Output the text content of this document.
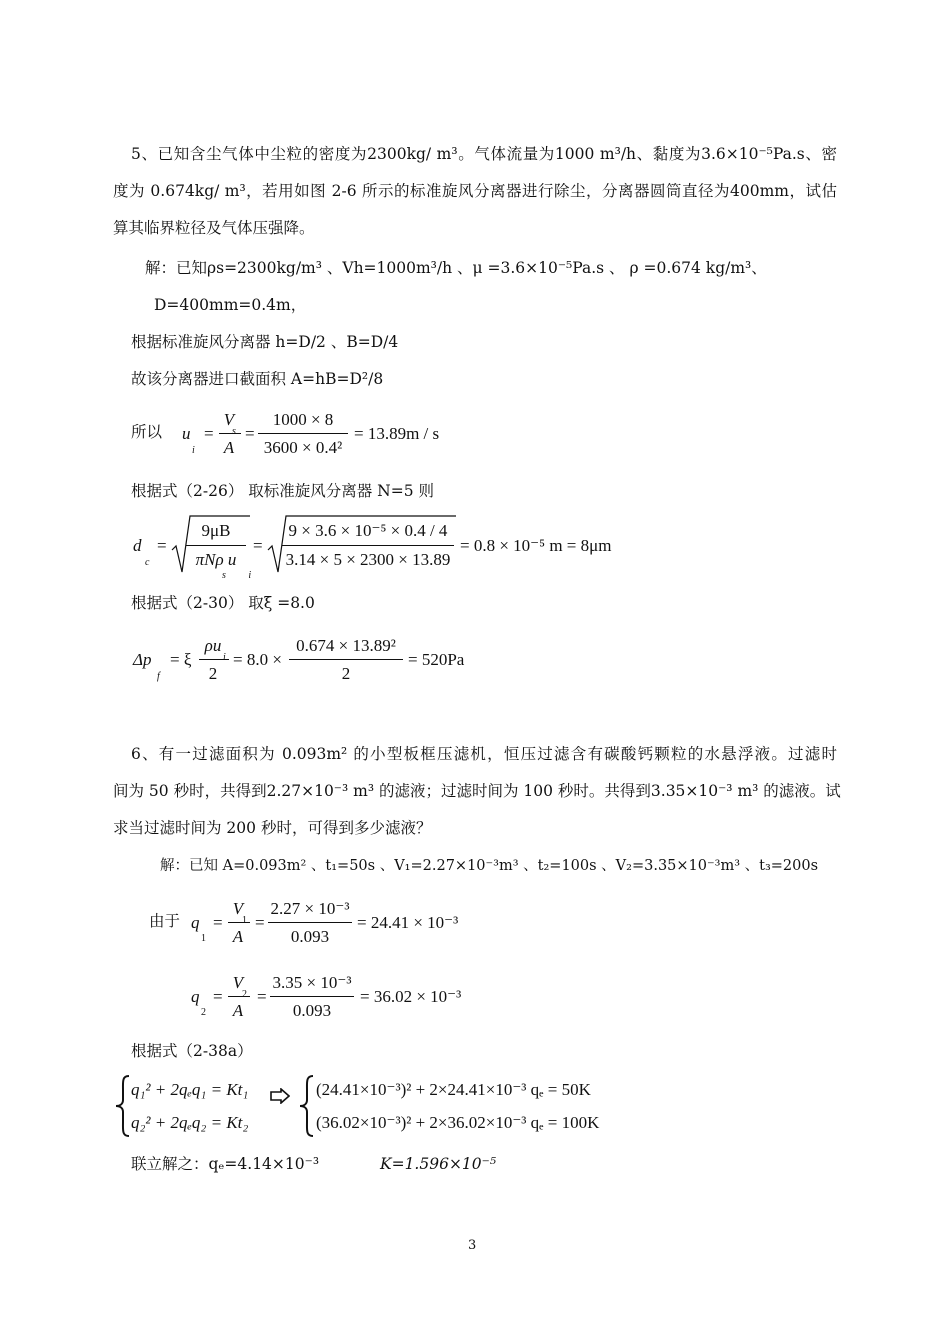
5、已知含尘气体中尘粒的密度为2300kg/ m³。气体流量为1000 m³/h、黏度为3.6×10⁻⁵Pa.s、密
度为 0.674kg/ m³，若用如图 2-6 所示的标准旋风分离器进行除尘，分离器圆筒直径为400mm，试估
算其临界粒径及气体压强降。
解：已知ρs=2300kg/m³ 、Vh=1000m³/h 、μ =3.6×10⁻⁵Pa.s 、 ρ =0.674 kg/m³、
D=400mm=0.4m，
根据标准旋风分离器 h=D/2 、B=D/4
故该分离器进口截面积 A=hB=D²/8
所以 u
i
=
V
s
A
=
1000 × 8
3600 × 0.4²
= 13.89m / s
根据式（2-26） 取标准旋风分离器 N=5 则
d
c
=
9μB
πNρ u
s i
=
9 × 3.6 × 10⁻⁵ × 0.4 / 4
3.14 × 5 × 2300 × 13.89
= 0.8 × 10⁻⁵ m = 8μm
根据式（2-30） 取ξ =8.0
Δp
f
= ξ
ρu
i
2
= 8.0 ×
0.674 × 13.89²
2
= 520Pa
6、有一过滤面积为 0.093m² 的小型板框压滤机，恒压过滤含有碳酸钙颗粒的水悬浮液。过滤时
间为 50 秒时，共得到2.27×10⁻³ m³ 的滤液；过滤时间为 100 秒时。共得到3.35×10⁻³ m³ 的滤液。试
求当过滤时间为 200 秒时，可得到多少滤液？
解：已知 A=0.093m² 、t₁=50s 、V₁=2.27×10⁻³m³ 、t₂=100s 、V₂=3.35×10⁻³m³ 、t₃=200s
由于 q
1
=
V
1
A
=
2.27 × 10⁻³
0.093
= 24.41 × 10⁻³
q
2
=
V
2
A
=
3.35 × 10⁻³
0.093
= 36.02 × 10⁻³
根据式（2-38a）
q₁² + 2qₑq₁ = Kt₁
q₂² + 2qₑq₂ = Kt₂
(24.41×10⁻³)² + 2×24.41×10⁻³ qₑ = 50K
(36.02×10⁻³)² + 2×36.02×10⁻³ qₑ = 100K
联立解之：qₑ=4.14×10⁻³	K=1.596×10⁻⁵
3
